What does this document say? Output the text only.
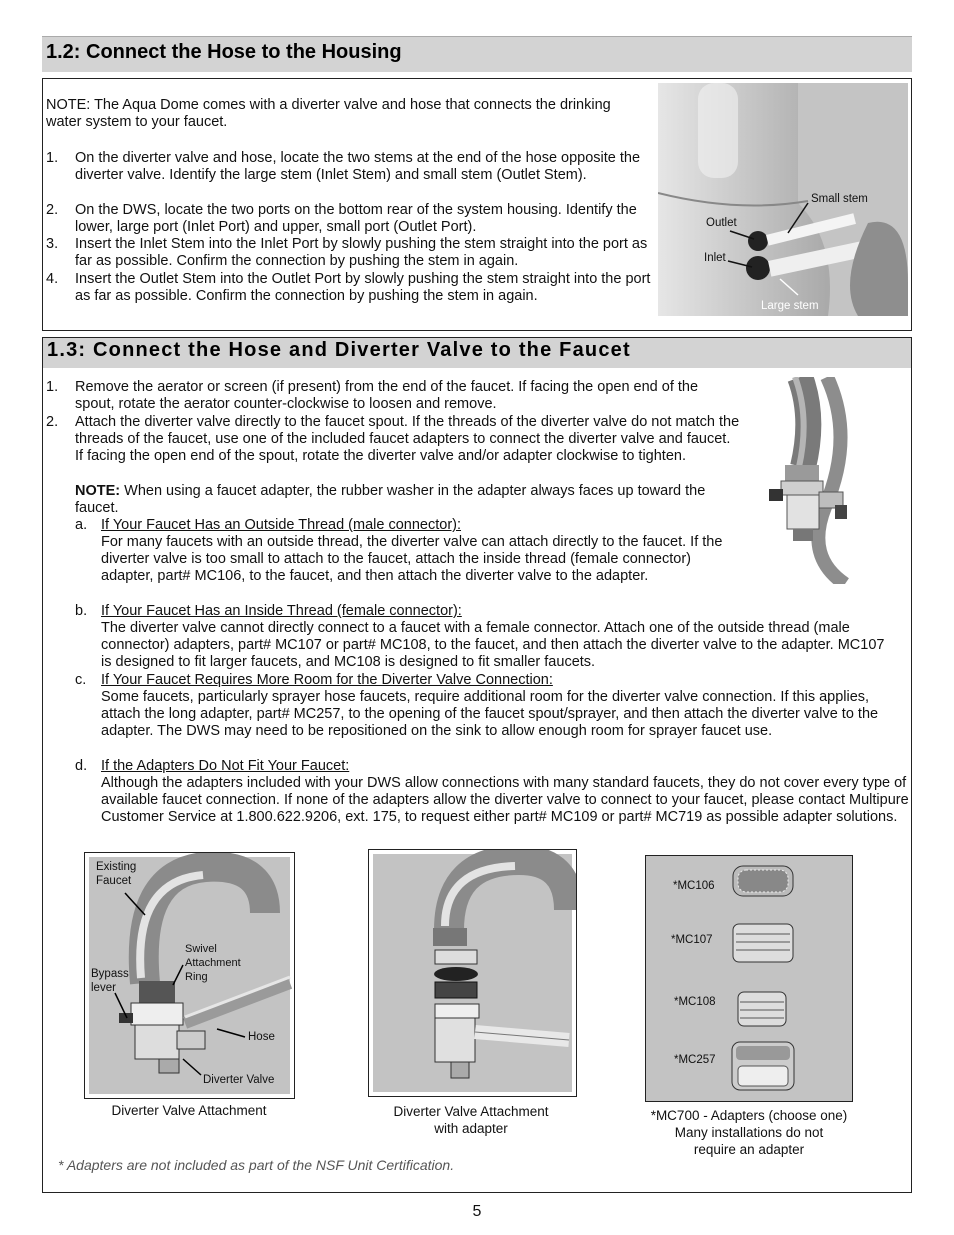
1.2: Connect the Hose to the Housing

NOTE: The Aqua Dome comes with a diverter valve and hose that connects the drinking water system to your faucet.

1. On the diverter valve and hose, locate the two stems at the end of the hose opposite the diverter valve. Identify the large stem (Inlet Stem) and small stem (Outlet Stem).

2. On the DWS, locate the two ports on the bottom rear of the system housing. Identify the lower, large port (Inlet Port) and upper, small port (Outlet Port).

3. Insert the Inlet Stem into the Inlet Port by slowly pushing the stem straight into the port as far as possible. Confirm the connection by pushing the stem in again.

4. Insert the Outlet Stem into the Outlet Port by slowly pushing the stem straight into the port as far as possible. Confirm the connection by pushing the stem in again.

Small stem
Outlet
Inlet
Large stem
1.3: Connect the Hose and Diverter Valve to the Faucet
1. Remove the aerator or screen (if present) from the end of the faucet. If facing the open end of the spout, rotate the aerator counter-clockwise to loosen and remove.

2. Attach the diverter valve directly to the faucet spout. If the threads of the diverter valve do not match the threads of the faucet, use one of the included faucet adapters to connect the diverter valve and faucet. If facing the open end of the spout, rotate the diverter valve and/or adapter clockwise to tighten.

NOTE: When using a faucet adapter, the rubber washer in the adapter always faces up toward the faucet.

a. If Your Faucet Has an Outside Thread (male connector):

For many faucets with an outside thread, the diverter valve can attach directly to the faucet. If the diverter valve is too small to attach to the faucet, attach the inside thread (female connector) adapter, part# MC106, to the faucet, and then attach the diverter valve to the adapter.

b. If Your Faucet Has an Inside Thread (female connector):

The diverter valve cannot directly connect to a faucet with a female connector. Attach one of the outside thread (male connector) adapters, part# MC107 or part# MC108, to the faucet, and then attach the diverter valve to the adapter. MC107 is designed to fit larger faucets, and MC108 is designed to fit smaller faucets.

c. If Your Faucet Requires More Room for the Diverter Valve Connection:

Some faucets, particularly sprayer hose faucets, require additional room for the diverter valve connection. If this applies, attach the long adapter, part# MC257, to the opening of the faucet spout/sprayer, and then attach the diverter valve to the adapter. The DWS may need to be repositioned on the sink to allow enough room for sprayer faucet use.

d. If the Adapters Do Not Fit Your Faucet:

Although the adapters included with your DWS allow connections with many standard faucets, they do not cover every type of available faucet connection. If none of the adapters allow the diverter valve to connect to your faucet, please contact Multipure Customer Service at 1.800.622.9206, ext. 175, to request either part# MC109 or part# MC719 as possible adapter solutions.

Existing Faucet
Swivel Attachment Ring
Bypass lever
Hose
Diverter Valve
Diverter Valve Attachment	Diverter Valve Attachment
with adapter
*MC106
*MC107
*MC108
*MC257
*MC700 - Adapters (choose one)
Many installations do not
require an adapter

* Adapters are not included as part of the NSF Unit Certification.

5
